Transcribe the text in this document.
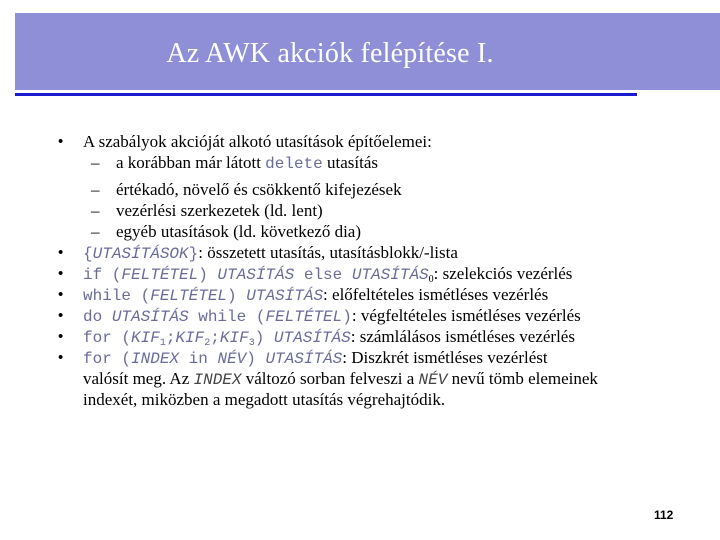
Az AWK akciók felépítése I.
• A szabályok akcióját alkotó utasítások építőelemei:
– a korábban már látott delete utasítás
– értékadó, növelő és csökkentő kifejezések
– vezérlési szerkezetek (ld. lent)
– egyéb utasítások (ld. következő dia)
• {UTASÍTÁSOK}: összetett utasítás, utasításblokk/-lista
• if (FELTÉTEL) UTASÍTÁS else $UTASÍTÁS_0$: szelekciós vezérlés
• while (FELTÉTEL) UTASÍTÁS: előfeltételes ismétléses vezérlés
• do UTASÍTÁS while (FELTÉTEL): végfeltételes ismétléses vezérlés
• for $(KIF_1;KIF_2;KIF_3)$ UTASÍTÁS: számlálásos ismétléses vezérlés
• for (INDEX in NÉV) UTASÍTÁS: Diszkrét ismétléses vezérlést
valósít meg. Az INDEX változó sorban felveszi a NÉV nevű tömb elemeinek
indexét, miközben a megadott utasítás végrehajtódik.
112
